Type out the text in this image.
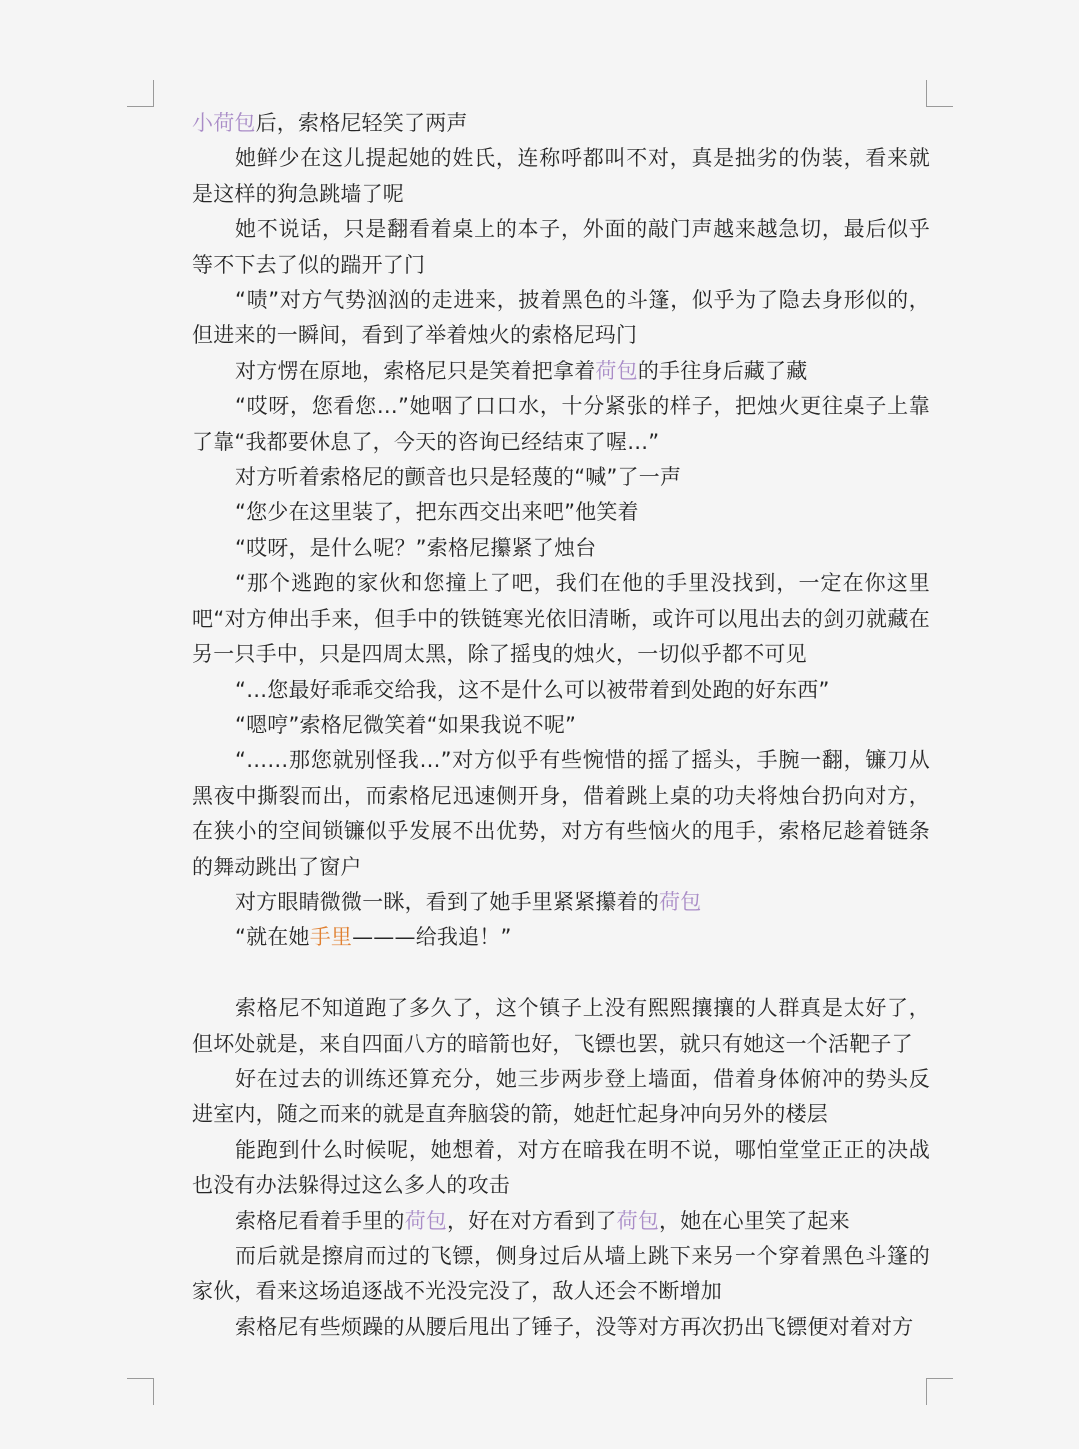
小荷包后，索格尼轻笑了两声

她鲜少在这儿提起她的姓氏，连称呼都叫不对，真是拙劣的伪装，看来就是这样的狗急跳墙了呢

她不说话，只是翻看着桌上的本子，外面的敲门声越来越急切，最后似乎等不下去了似的踹开了门

“啧”对方气势汹汹的走进来，披着黑色的斗篷，似乎为了隐去身形似的，但进来的一瞬间，看到了举着烛火的索格尼玛门

对方愣在原地，索格尼只是笑着把拿着荷包的手往身后藏了藏

“哎呀，您看您…”她咽了口口水，十分紧张的样子，把烛火更往桌子上靠了靠“我都要休息了，今天的咨询已经结束了喔…”

对方听着索格尼的颤音也只是轻蔑的“喊”了一声

“您少在这里装了，把东西交出来吧”他笑着

“哎呀，是什么呢？”索格尼攥紧了烛台

“那个逃跑的家伙和您撞上了吧，我们在他的手里没找到，一定在你这里吧“对方伸出手来，但手中的铁链寒光依旧清晰，或许可以甩出去的剑刃就藏在另一只手中，只是四周太黑，除了摇曳的烛火，一切似乎都不可见

“…您最好乖乖交给我，这不是什么可以被带着到处跑的好东西”

“嗯哼”索格尼微笑着“如果我说不呢”

“……那您就别怪我…”对方似乎有些惋惜的摇了摇头，手腕一翻，镰刀从黑夜中撕裂而出，而索格尼迅速侧开身，借着跳上桌的功夫将烛台扔向对方，在狭小的空间锁镰似乎发展不出优势，对方有些恼火的甩手，索格尼趁着链条的舞动跳出了窗户

对方眼睛微微一眯，看到了她手里紧紧攥着的荷包

“就在她手里———给我追！”

索格尼不知道跑了多久了，这个镇子上没有熙熙攘攘的人群真是太好了，但坏处就是，来自四面八方的暗箭也好，飞镖也罢，就只有她这一个活靶子了

好在过去的训练还算充分，她三步两步登上墙面，借着身体俯冲的势头反进室内，随之而来的就是直奔脑袋的箭，她赶忙起身冲向另外的楼层

能跑到什么时候呢，她想着，对方在暗我在明不说，哪怕堂堂正正的决战也没有办法躲得过这么多人的攻击

索格尼看着手里的荷包，好在对方看到了荷包，她在心里笑了起来

而后就是擦肩而过的飞镖，侧身过后从墙上跳下来另一个穿着黑色斗篷的家伙，看来这场追逐战不光没完没了，敌人还会不断增加

索格尼有些烦躁的从腰后甩出了锤子，没等对方再次扔出飞镖便对着对方
